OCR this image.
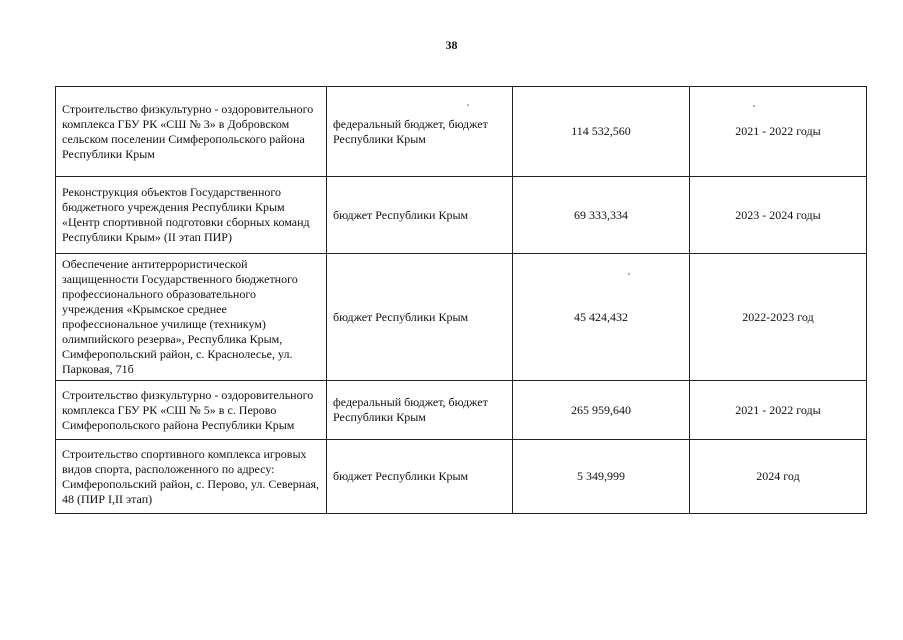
38
Строительство физкультурно - оздоровительного комплекса ГБУ РК «СШ № 3» в Добровском сельском поселении Симферопольского района Республики Крым	федеральный бюджет, бюджет Республики Крым	114 532,560	2021 - 2022 годы
Реконструкция объектов Государственного бюджетного учреждения Республики Крым «Центр спортивной подготовки сборных команд Республики Крым» (II этап ПИР)	бюджет Республики Крым	69 333,334	2023 - 2024 годы
Обеспечение антитеррористической защищенности Государственного бюджетного профессионального образовательного учреждения «Крымское среднее профессиональное училище (техникум) олимпийского резерва», Республика Крым, Симферопольский район, с. Краснолесье, ул. Парковая, 71б	бюджет Республики Крым	45 424,432	2022-2023 год
Строительство физкультурно - оздоровительного комплекса ГБУ РК «СШ № 5» в с. Перово Симферопольского района Республики Крым	федеральный бюджет, бюджет Республики Крым	265 959,640	2021 - 2022 годы
Строительство спортивного комплекса игровых видов спорта, расположенного по адресу: Симферопольский район, с. Перово, ул. Северная, 48 (ПИР I,II этап)	бюджет Республики Крым	5 349,999	2024 год
